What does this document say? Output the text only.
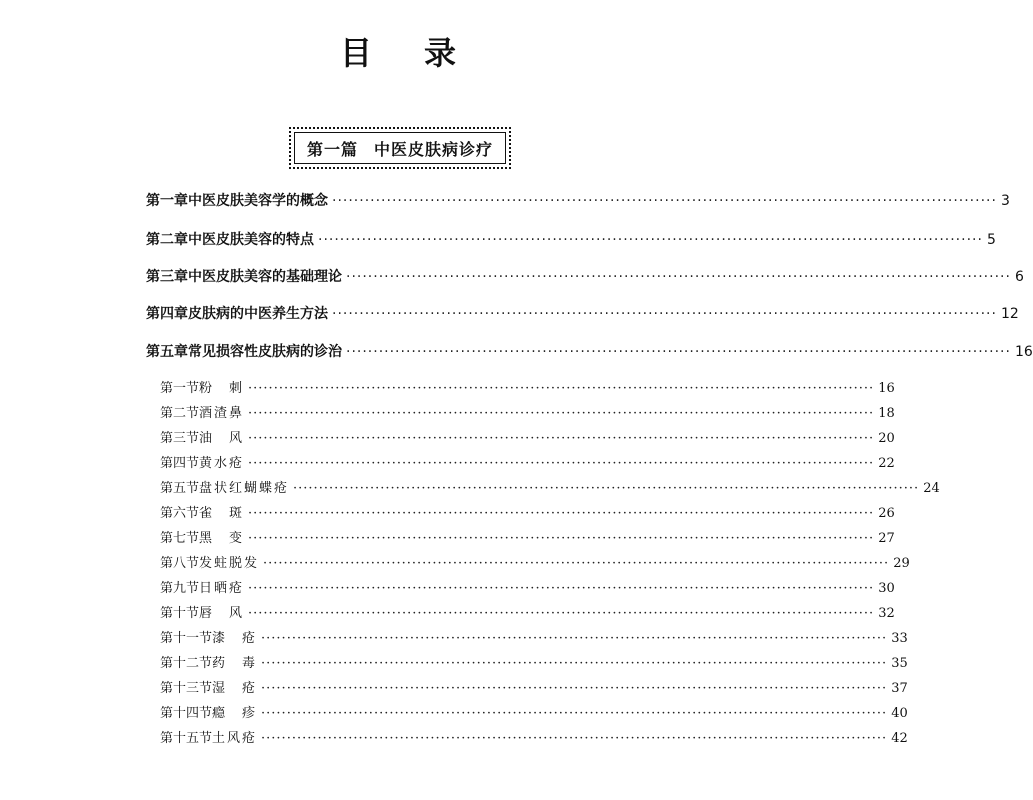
目 录
第一篇 中医皮肤病诊疗
第一章 中医皮肤美容学的概念 ·························································································································· 3
第二章 中医皮肤美容的特点 ·························································································································· 5
第三章 中医皮肤美容的基础理论 ·························································································································· 6
第四章 皮肤病的中医养生方法 ·························································································································· 12
第五章 常见损容性皮肤病的诊治 ·························································································································· 16
第一节 粉　刺 ·························································································································· 16
第二节 酒渣鼻 ·························································································································· 18
第三节 油　风 ·························································································································· 20
第四节 黄水疮 ·························································································································· 22
第五节 盘状红蝴蝶疮 ·························································································································· 24
第六节 雀　斑 ·························································································································· 26
第七节 黑　变 ·························································································································· 27
第八节 发蛀脱发 ·························································································································· 29
第九节 日晒疮 ·························································································································· 30
第十节 唇　风 ·························································································································· 32
第十一节 漆　疮 ·························································································································· 33
第十二节 药　毒 ·························································································································· 35
第十三节 湿　疮 ·························································································································· 37
第十四节 瘾　疹 ·························································································································· 40
第十五节 土风疮 ·························································································································· 42
